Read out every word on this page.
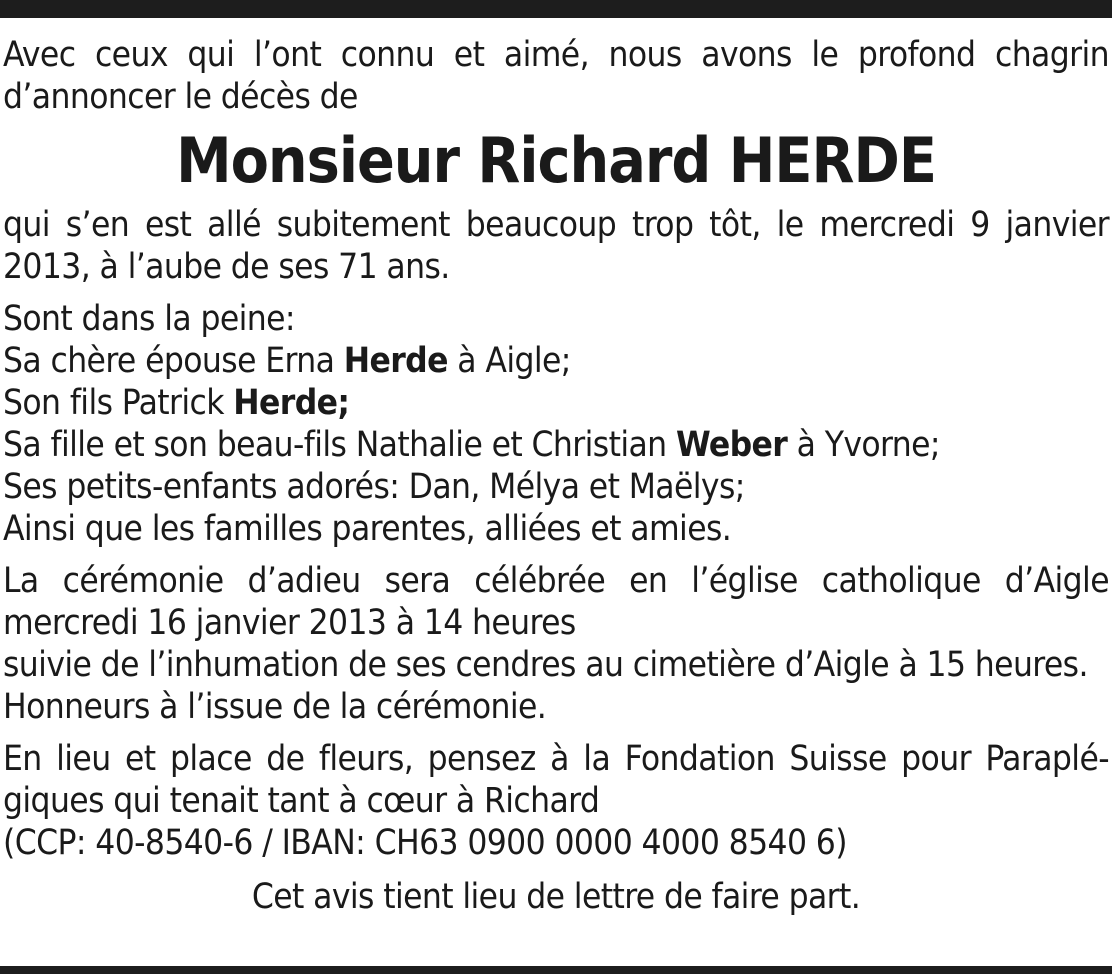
Avec ceux qui l’ont connu et aimé, nous avons le profond chagrin d’annoncer le décès de

Monsieur Richard HERDE

qui s’en est allé subitement beaucoup trop tôt, le mercredi 9 janvier 2013, à l’aube de ses 71 ans.

Sont dans la peine:

Sa chère épouse Erna Herde à Aigle;

Son fils Patrick Herde;

Sa fille et son beau-fils Nathalie et Christian Weber à Yvorne;

Ses petits-enfants adorés: Dan, Mélya et Maëlys;

Ainsi que les familles parentes, alliées et amies.

La cérémonie d’adieu sera célébrée en l’église catholique d’Aigle

mercredi 16 janvier 2013 à 14 heures

suivie de l’inhumation de ses cendres au cimetière d’Aigle à 15 heures.

Honneurs à l’issue de la cérémonie.

En lieu et place de fleurs, pensez à la Fondation Suisse pour Paraplé-

giques qui tenait tant à cœur à Richard

(CCP: 40-8540-6 / IBAN: CH63 0900 0000 4000 8540 6)

Cet avis tient lieu de lettre de faire part.
